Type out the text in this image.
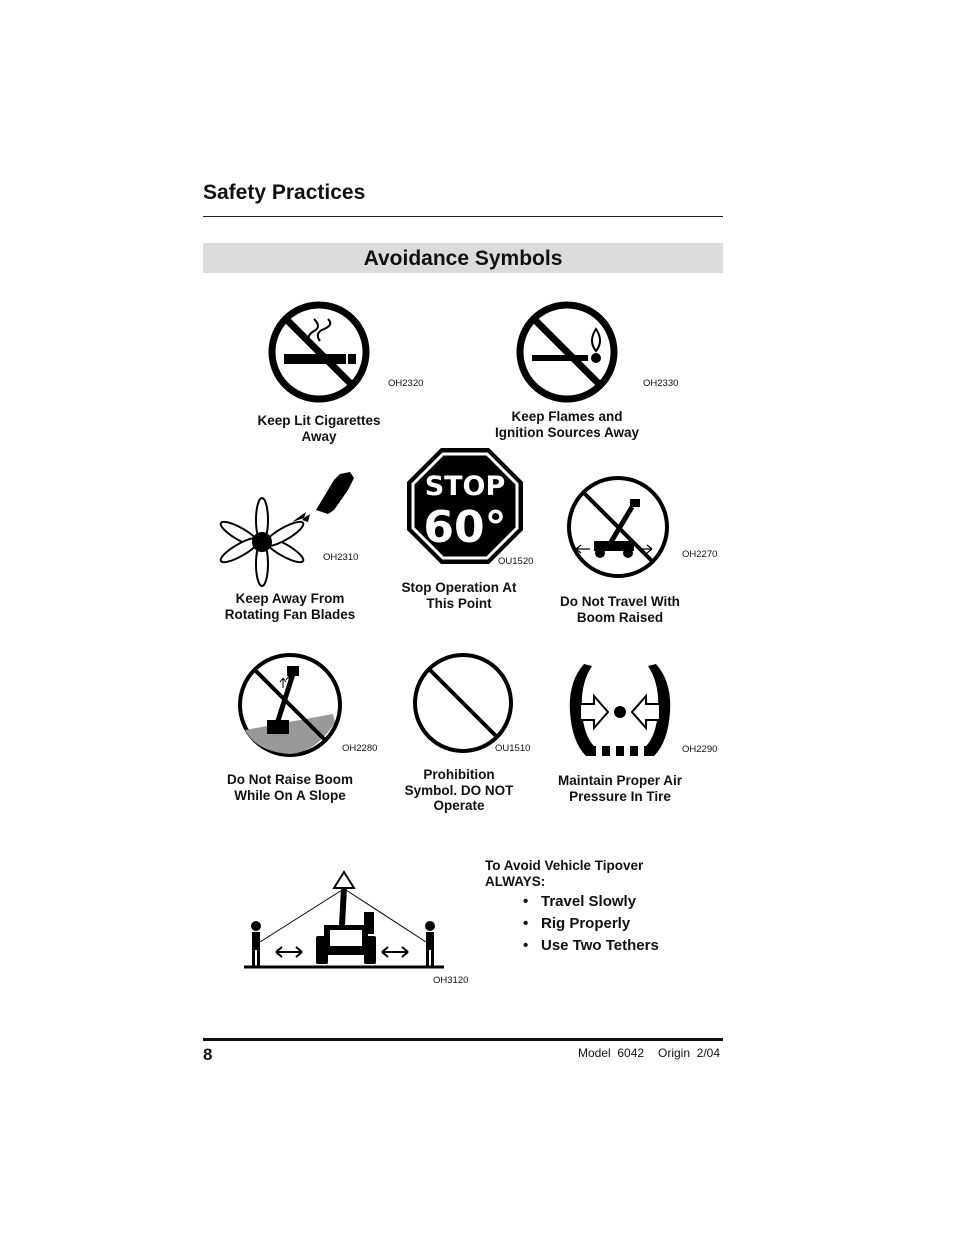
Safety Practices
Avoidance Symbols
OH2320
Keep Lit Cigarettes
Away
OH2330
Keep Flames and
Ignition Sources Away
OH2310
Keep Away From
Rotating Fan Blades
STOP
60°
OU1520
Stop Operation At
This Point
OH2270
Do Not Travel With
Boom Raised
OH2280
Do Not Raise Boom
While On A Slope
OU1510
Prohibition
Symbol. DO NOT
Operate
OH2290
Maintain Proper Air
Pressure In Tire
OH3120
To Avoid Vehicle Tipover
ALWAYS:
• Travel Slowly
• Rig Properly
• Use Two Tethers
8	Model  6042 Origin  2/04
